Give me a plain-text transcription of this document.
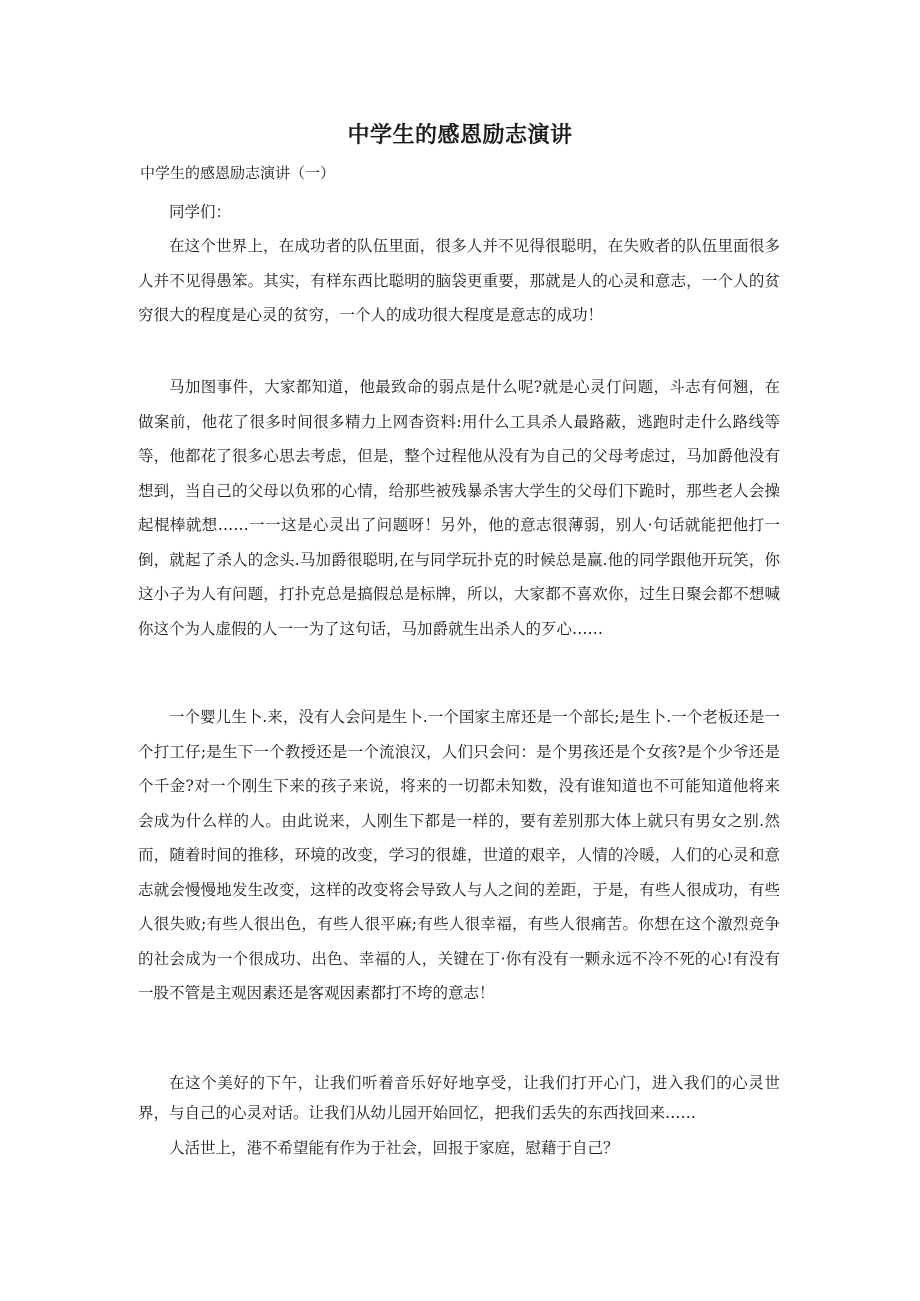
中学生的感恩励志演讲
中学生的感恩励志演讲（一）

同学们：

在这个世界上，在成功者的队伍里面，很多人并不见得很聪明，在失败者的队伍里面很多人并不见得愚笨。其实，有样东西比聪明的脑袋更重要，那就是人的心灵和意志，一个人的贫穷很大的程度是心灵的贫穷，一个人的成功很大程度是意志的成功！

马加图事件，大家都知道，他最致命的弱点是什么呢?就是心灵仃问题，斗志有何翘，在做案前，他花了很多时间很多精力上网杳资料:用什么工具杀人最路蔽，逃跑时走什么路线等等，他都花了很多心思去考虑，但是，整个过程他从没有为自己的父母考虑过，马加爵他没有想到，当自己的父母以负邪的心情，给那些被残暴杀害大学生的父母们下跪时，那些老人会操起棍棒就想……一一这是心灵出了问题呀！另外，他的意志很薄弱，别人·句话就能把他打一倒，就起了杀人的念头.马加爵很聪明,在与同学玩扑克的时候总是赢.他的同学跟他开玩笑，你这小子为人有问题，打扑克总是搞假总是标牌，所以，大家都不喜欢你，过生日聚会都不想喊你这个为人虚假的人一一为了这句话，马加爵就生出杀人的歹心……

一个婴儿生卜.来，没有人会问是生卜.一个国家主席还是一个部长;是生卜.一个老板还是一个打工仔;是生下一个教授还是一个流浪汉，人们只会问：是个男孩还是个女孩?是个少爷还是个千金?对一个刚生下来的孩子来说，将来的一切都未知数，没有谁知道也不可能知道他将来会成为什么样的人。由此说来，人刚生下都是一样的，要有差别那大体上就只有男女之别.然而，随着时间的推移，环境的改变，学习的很雄，世道的艰辛，人情的冷暖，人们的心灵和意志就会慢慢地发生改变，这样的改变将会导致人与人之间的差距，于是，有些人很成功，有些人很失败;有些人很出色，有些人很平麻;有些人很幸福，有些人很痛苦。你想在这个激烈竞争的社会成为一个很成功、出色、幸福的人，关键在丁·你有没有一颗永远不冷不死的心!有没有一股不管是主观因素还是客观因素都打不垮的意志！

在这个美好的下午，让我们听着音乐好好地享受，让我们打开心门，进入我们的心灵世界，与自己的心灵对话。让我们从幼儿园开始回忆，把我们丢失的东西找回来……

人活世上，港不希望能有作为于社会，回报于家庭，慰藉于自己？
